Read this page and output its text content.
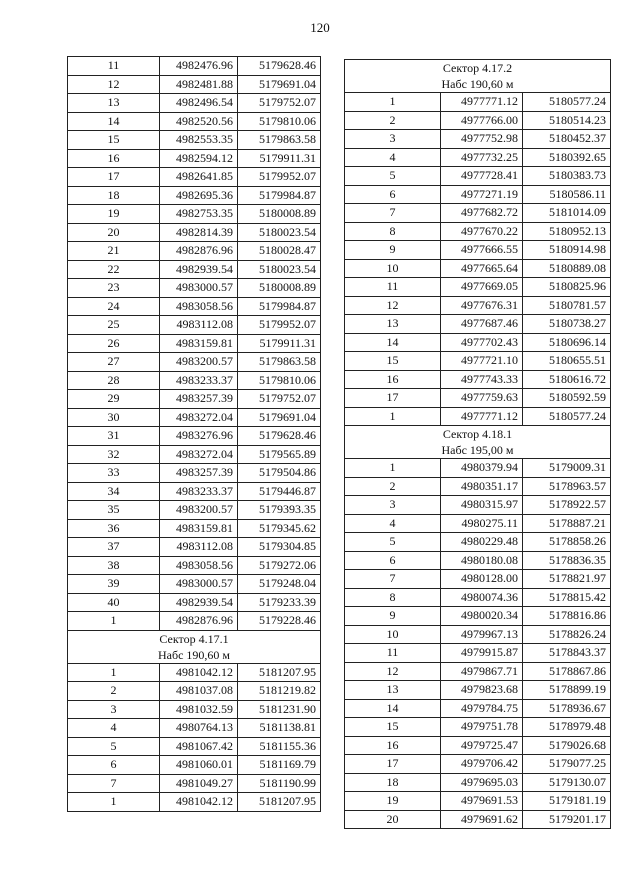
120
11	4982476.96	5179628.46
12	4982481.88	5179691.04
13	4982496.54	5179752.07
14	4982520.56	5179810.06
15	4982553.35	5179863.58
16	4982594.12	5179911.31
17	4982641.85	5179952.07
18	4982695.36	5179984.87
19	4982753.35	5180008.89
20	4982814.39	5180023.54
21	4982876.96	5180028.47
22	4982939.54	5180023.54
23	4983000.57	5180008.89
24	4983058.56	5179984.87
25	4983112.08	5179952.07
26	4983159.81	5179911.31
27	4983200.57	5179863.58
28	4983233.37	5179810.06
29	4983257.39	5179752.07
30	4983272.04	5179691.04
31	4983276.96	5179628.46
32	4983272.04	5179565.89
33	4983257.39	5179504.86
34	4983233.37	5179446.87
35	4983200.57	5179393.35
36	4983159.81	5179345.62
37	4983112.08	5179304.85
38	4983058.56	5179272.06
39	4983000.57	5179248.04
40	4982939.54	5179233.39
1	4982876.96	5179228.46
Сектор 4.17.1		
Набс 190,60 м		
1	4981042.12	5181207.95
2	4981037.08	5181219.82
3	4981032.59	5181231.90
4	4980764.13	5181138.81
5	4981067.42	5181155.36
6	4981060.01	5181169.79
7	4981049.27	5181190.99
1	4981042.12	5181207.95
Сектор 4.17.2		
Набс 190,60 м		
1	4977771.12	5180577.24
2	4977766.00	5180514.23
3	4977752.98	5180452.37
4	4977732.25	5180392.65
5	4977728.41	5180383.73
6	4977271.19	5180586.11
7	4977682.72	5181014.09
8	4977670.22	5180952.13
9	4977666.55	5180914.98
10	4977665.64	5180889.08
11	4977669.05	5180825.96
12	4977676.31	5180781.57
13	4977687.46	5180738.27
14	4977702.43	5180696.14
15	4977721.10	5180655.51
16	4977743.33	5180616.72
17	4977759.63	5180592.59
1	4977771.12	5180577.24
Сектор 4.18.1		
Набс 195,00 м		
1	4980379.94	5179009.31
2	4980351.17	5178963.57
3	4980315.97	5178922.57
4	4980275.11	5178887.21
5	4980229.48	5178858.26
6	4980180.08	5178836.35
7	4980128.00	5178821.97
8	4980074.36	5178815.42
9	4980020.34	5178816.86
10	4979967.13	5178826.24
11	4979915.87	5178843.37
12	4979867.71	5178867.86
13	4979823.68	5178899.19
14	4979784.75	5178936.67
15	4979751.78	5178979.48
16	4979725.47	5179026.68
17	4979706.42	5179077.25
18	4979695.03	5179130.07
19	4979691.53	5179181.19
20	4979691.62	5179201.17
